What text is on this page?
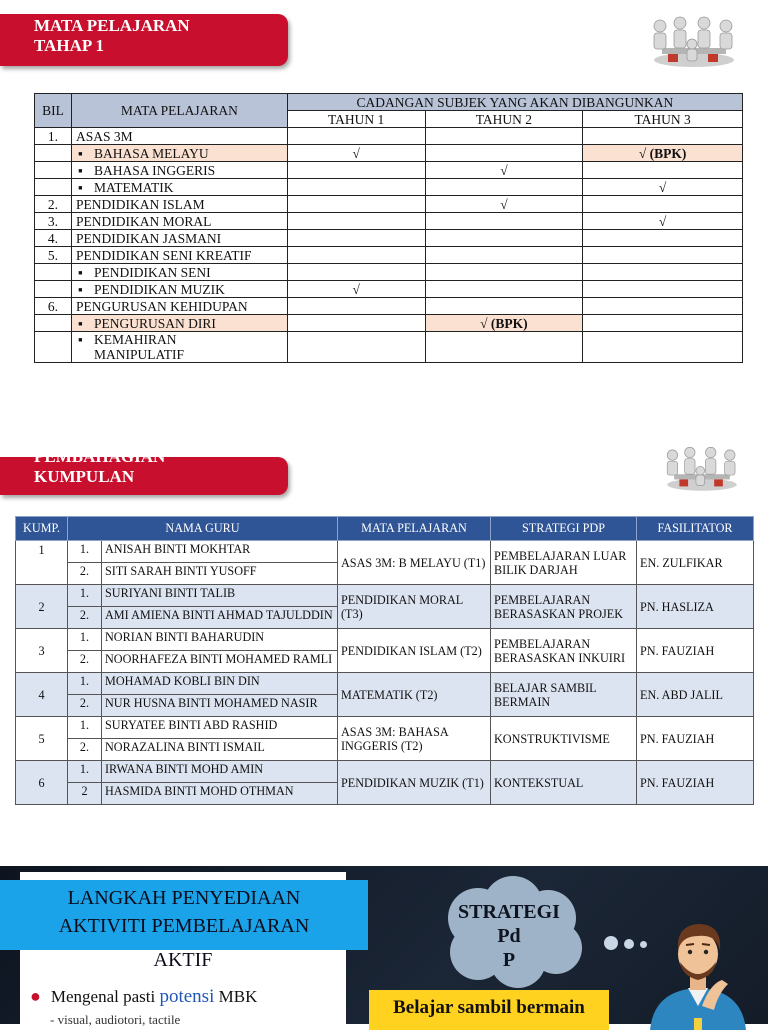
MATA PELAJARAN
TAHAP 1
BIL	MATA PELAJARAN	CADANGAN SUBJEK YANG AKAN DIBANGUNKAN		
		TAHUN 1	TAHUN 2	TAHUN 3
1.	ASAS 3M			
	▪ BAHASA MELAYU	√		√ (BPK)
	▪ BAHASA INGGERIS		√	
	▪ MATEMATIK			√
2.	PENDIDIKAN ISLAM		√	
3.	PENDIDIKAN MORAL			√
4.	PENDIDIKAN JASMANI			
5.	PENDIDIKAN SENI KREATIF			
	▪ PENDIDIKAN SENI			
	▪ PENDIDIKAN MUZIK	√		
6.	PENGURUSAN KEHIDUPAN			
	▪ PENGURUSAN DIRI		√ (BPK)	
	▪ KEMAHIRAN MANIPULATIF			
PEMBAHAGIAN
KUMPULAN
KUMP.	NAMA GURU		MATA PELAJARAN	STRATEGI PDP	FASILITATOR
1	1.	ANISAH BINTI MOKHTAR	ASAS 3M: B MELAYU (T1)	PEMBELAJARAN LUAR BILIK DARJAH	EN. ZULFIKAR
	2.	SITI SARAH BINTI YUSOFF			
2	1.	SURIYANI BINTI TALIB	PENDIDIKAN MORAL (T3)	PEMBELAJARAN BERASASKAN PROJEK	PN. HASLIZA
	2.	AMI AMIENA BINTI AHMAD TAJULDDIN			
3	1.	NORIAN BINTI BAHARUDIN	PENDIDIKAN ISLAM (T2)	PEMBELAJARAN BERASASKAN INKUIRI	PN. FAUZIAH
	2.	NOORHAFEZA BINTI MOHAMED RAMLI			
4	1.	MOHAMAD KOBLI BIN DIN	MATEMATIK (T2)	BELAJAR SAMBIL BERMAIN	EN. ABD JALIL
	2.	NUR HUSNA BINTI MOHAMED NASIR			
5	1.	SURYATEE BINTI ABD RASHID	ASAS 3M: BAHASA INGGERIS (T2)	KONSTRUKTIVISME	PN. FAUZIAH
	2.	NORAZALINA BINTI ISMAIL			
6	1.	IRWANA BINTI MOHD AMIN	PENDIDIKAN MUZIK (T1)	KONTEKSTUAL	PN. FAUZIAH
	2	HASMIDA BINTI MOHD OTHMAN			
LANGKAH PENYEDIAAN
AKTIVITI PEMBELAJARAN
AKTIF
● Mengenal pasti potensi MBK
- visual, audiotori, tactile
STRATEGI
Pd
P
Belajar sambil bermain
